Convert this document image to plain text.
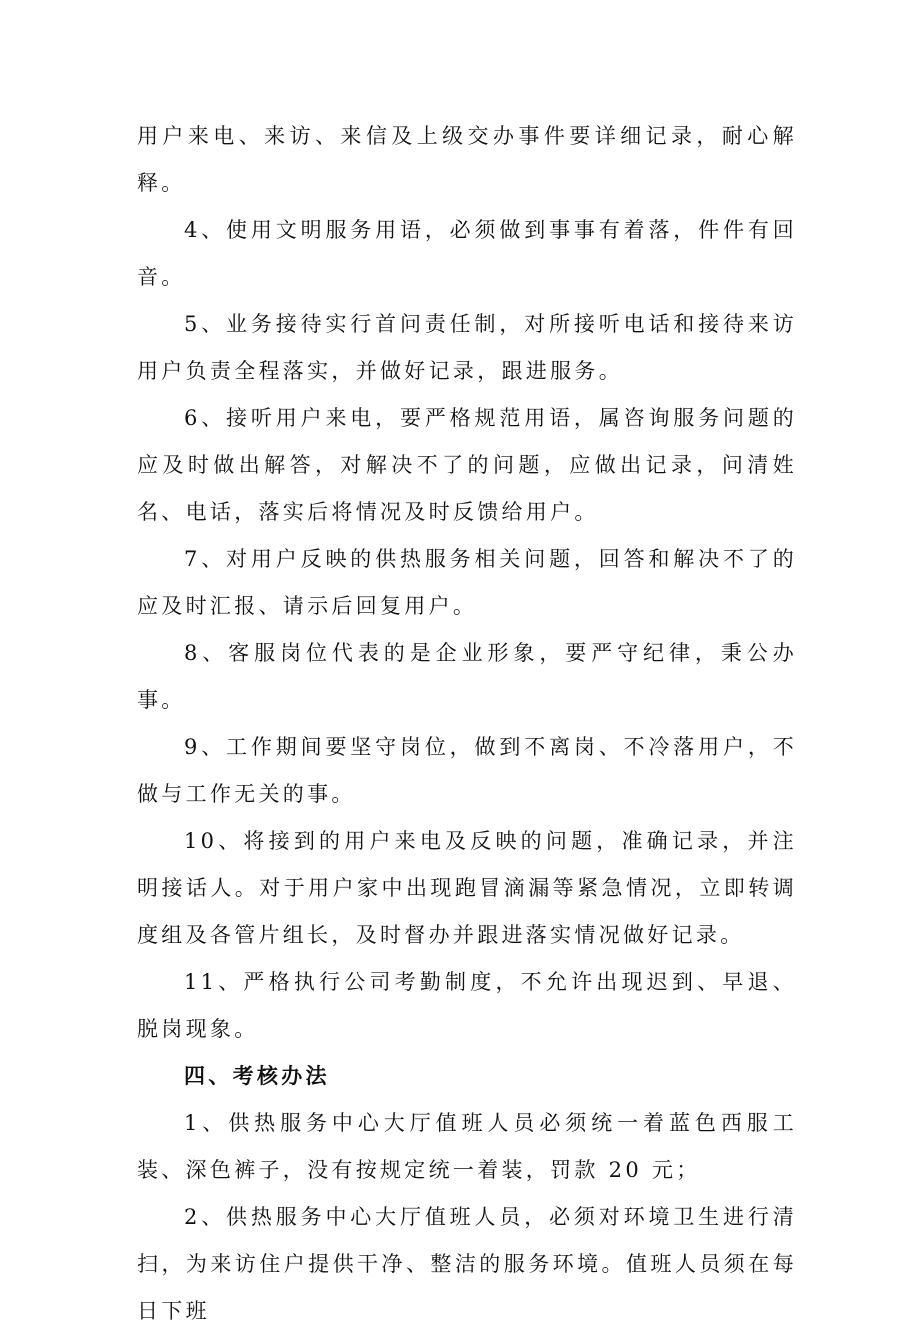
用户来电、来访、来信及上级交办事件要详细记录，耐心解释。

4、使用文明服务用语，必须做到事事有着落，件件有回音。

5、业务接待实行首问责任制，对所接听电话和接待来访用户负责全程落实，并做好记录，跟进服务。

6、接听用户来电，要严格规范用语，属咨询服务问题的应及时做出解答，对解决不了的问题，应做出记录，问清姓名、电话，落实后将情况及时反馈给用户。

7、对用户反映的供热服务相关问题，回答和解决不了的应及时汇报、请示后回复用户。

8、客服岗位代表的是企业形象，要严守纪律，秉公办事。

9、工作期间要坚守岗位，做到不离岗、不冷落用户，不做与工作无关的事。

10、将接到的用户来电及反映的问题，准确记录，并注明接话人。对于用户家中出现跑冒滴漏等紧急情况，立即转调度组及各管片组长，及时督办并跟进落实情况做好记录。

11、严格执行公司考勤制度，不允许出现迟到、早退、脱岗现象。

四、考核办法

1、供热服务中心大厅值班人员必须统一着蓝色西服工装、深色裤子，没有按规定统一着装，罚款 20 元；

2、供热服务中心大厅值班人员，必须对环境卫生进行清扫，为来访住户提供干净、整洁的服务环境。值班人员须在每日下班
